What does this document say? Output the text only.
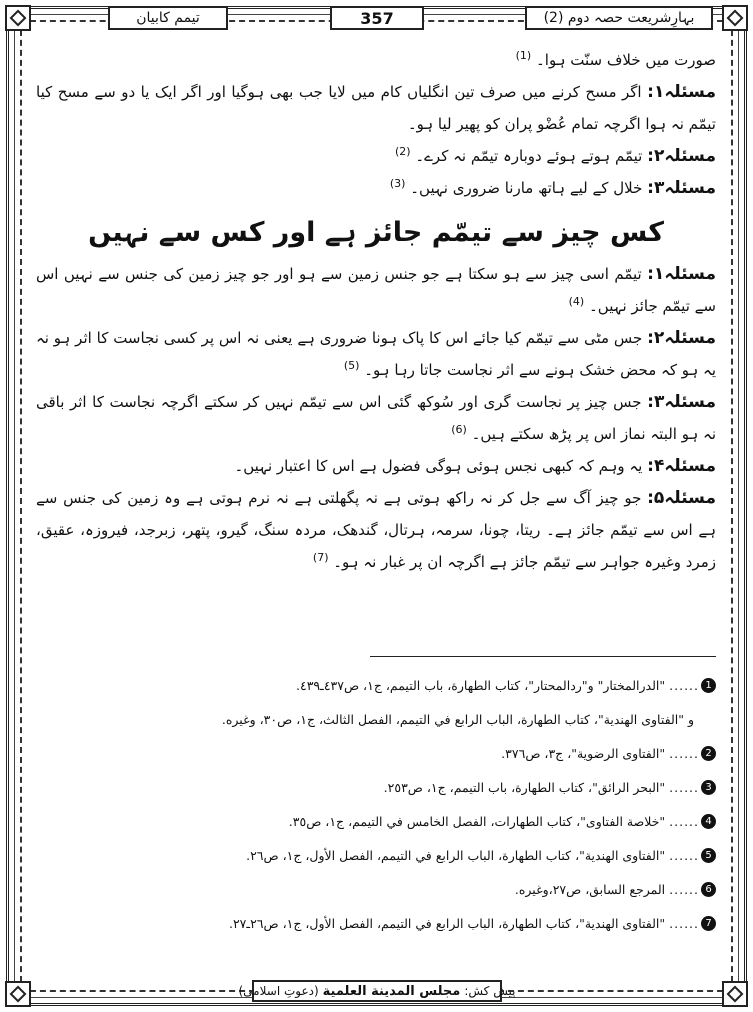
بہارِشریعت حصہ دوم (2)
357
تیمم کابیان

صورت میں خلاف سنّت ہوا۔ $^{(1)}$

مسئلہ۱: اگر مسح کرنے میں صرف تین انگلیاں کام میں لایا جب بھی ہوگیا اور اگر ایک یا دو سے مسح کیا تیمّم نہ ہوا اگرچہ تمام عُضْو پران کو پھیر لیا ہو۔

مسئلہ۲: تیمّم ہوتے ہوئے دوبارہ تیمّم نہ کرے۔ $^{(2)}$

مسئلہ۳: خلال کے لیے ہاتھ مارنا ضروری نہیں۔ $^{(3)}$

کس چیز سے تیمّم جائز ہے اور کس سے نہیں

مسئلہ۱: تیمّم اسی چیز سے ہو سکتا ہے جو جنس زمین سے ہو اور جو چیز زمین کی جنس سے نہیں اس سے تیمّم جائز نہیں۔ $^{(4)}$

مسئلہ۲: جس مٹی سے تیمّم کیا جائے اس کا پاک ہونا ضروری ہے یعنی نہ اس پر کسی نجاست کا اثر ہو نہ یہ ہو کہ محض خشک ہونے سے اثر نجاست جاتا رہا ہو۔ $^{(5)}$

مسئلہ۳: جس چیز پر نجاست گری اور سُوکھ گئی اس سے تیمّم نہیں کر سکتے اگرچہ نجاست کا اثر باقی نہ ہو البتہ نماز اس پر پڑھ سکتے ہیں۔ $^{(6)}$

مسئلہ۴: یہ وہم کہ کبھی نجس ہوئی ہوگی فضول ہے اس کا اعتبار نہیں۔

مسئلہ۵: جو چیز آگ سے جل کر نہ راکھ ہوتی ہے نہ پگھلتی ہے نہ نرم ہوتی ہے وہ زمین کی جنس سے ہے اس سے تیمّم جائز ہے۔ ریتا، چونا، سرمہ، ہرتال، گندھک، مردہ سنگ، گیرو، پتھر، زبرجد، فیروزہ، عقیق، زمرد وغیرہ جواہر سے تیمّم جائز ہے اگرچہ ان پر غبار نہ ہو۔ $^{(7)}$

1
......
"الدرالمختار" و"ردالمحتار"، كتاب الطهارة، باب التيمم، ج١، ص٤٣٧ـ٤٣٩.
و "الفتاوى الهندية"، كتاب الطهارة، الباب الرابع في التيمم، الفصل الثالث، ج١، ص٣٠، وغيره.
2
......
"الفتاوى الرضوية"، ج٣، ص٣٧٦.
3
......
"البحر الرائق"، كتاب الطهارة، باب التيمم، ج١، ص٢٥٣.
4
......
"خلاصة الفتاوى"، كتاب الطهارات، الفصل الخامس في التيمم، ج١، ص٣٥.
5
......
"الفتاوى الهندية"، كتاب الطهارة، الباب الرابع في التيمم، الفصل الأول، ج١، ص٢٦.
6
......
المرجع السابق، ص٢٧،وغيره.
7
......
"الفتاوى الهندية"، كتاب الطهارة، الباب الرابع في التيمم، الفصل الأول، ج١، ص٢٦ـ٢٧.
پیش کش:
مجلس المدينة العلمية
(دعوتِ اسلامی)
